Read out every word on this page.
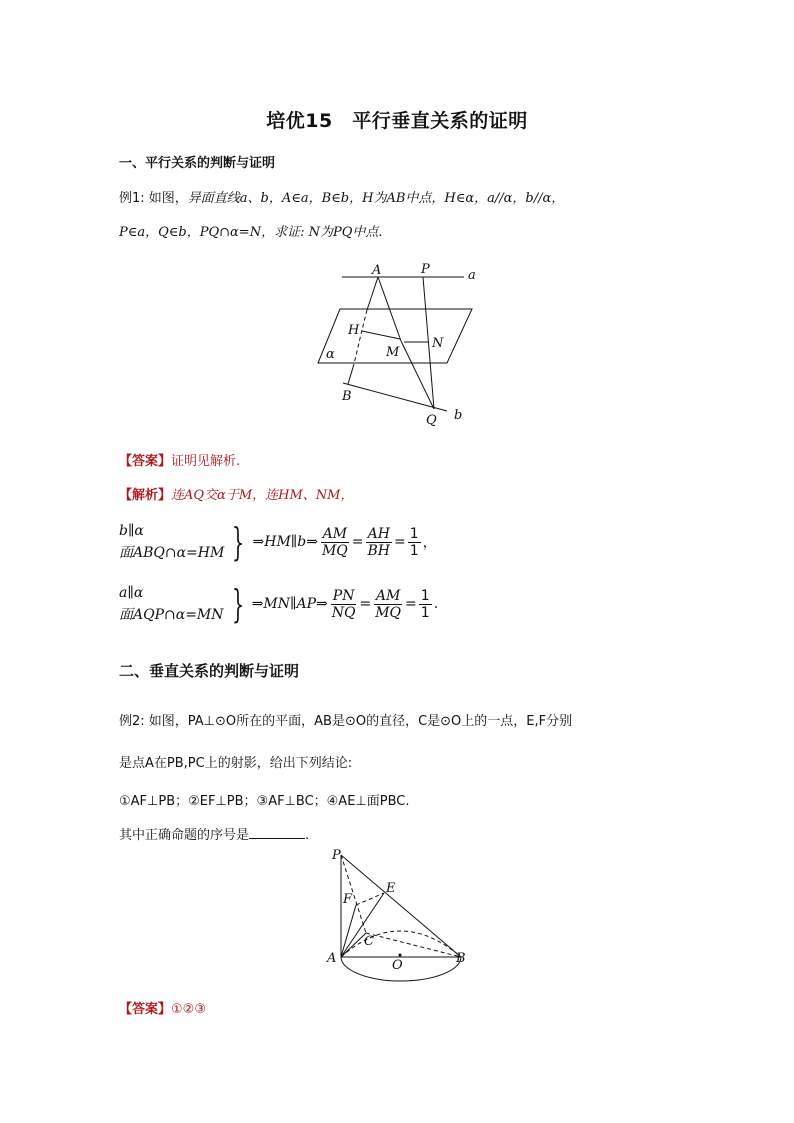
培优15　平行垂直关系的证明
一、平行关系的判断与证明
例1: 如图，异面直线a、b，A∈a，B∈b，H为AB中点，H∈α，a//α，b//α，
P∈a，Q∈b，PQ∩α=N，求证: N为PQ中点.
A	P	a
H
N
M
α
B
Q b
【答案】证明见解析.
【解析】连AQ交α于M，连HM、NM，
b∥α
面ABQ∩α=HM } ⇒HM∥b⇒ $\frac{AM}{MQ} = \frac{AH}{BH} = \frac{1}{1}$ ，
a∥α
面AQP∩α=MN } ⇒MN∥AP⇒ $\frac{PN}{NQ} = \frac{AM}{MQ} = \frac{1}{1}$ .
二、垂直关系的判断与证明
例2: 如图，PA⊥⊙O所在的平面，AB是⊙O的直径，C是⊙O上的一点，E,F分别
是点A在PB,PC上的射影，给出下列结论:
①AF⊥PB；②EF⊥PB；③AF⊥BC；④AE⊥面PBC.
其中正确命题的序号是	.
P
E
F
C
A	O	B
【答案】①②③
